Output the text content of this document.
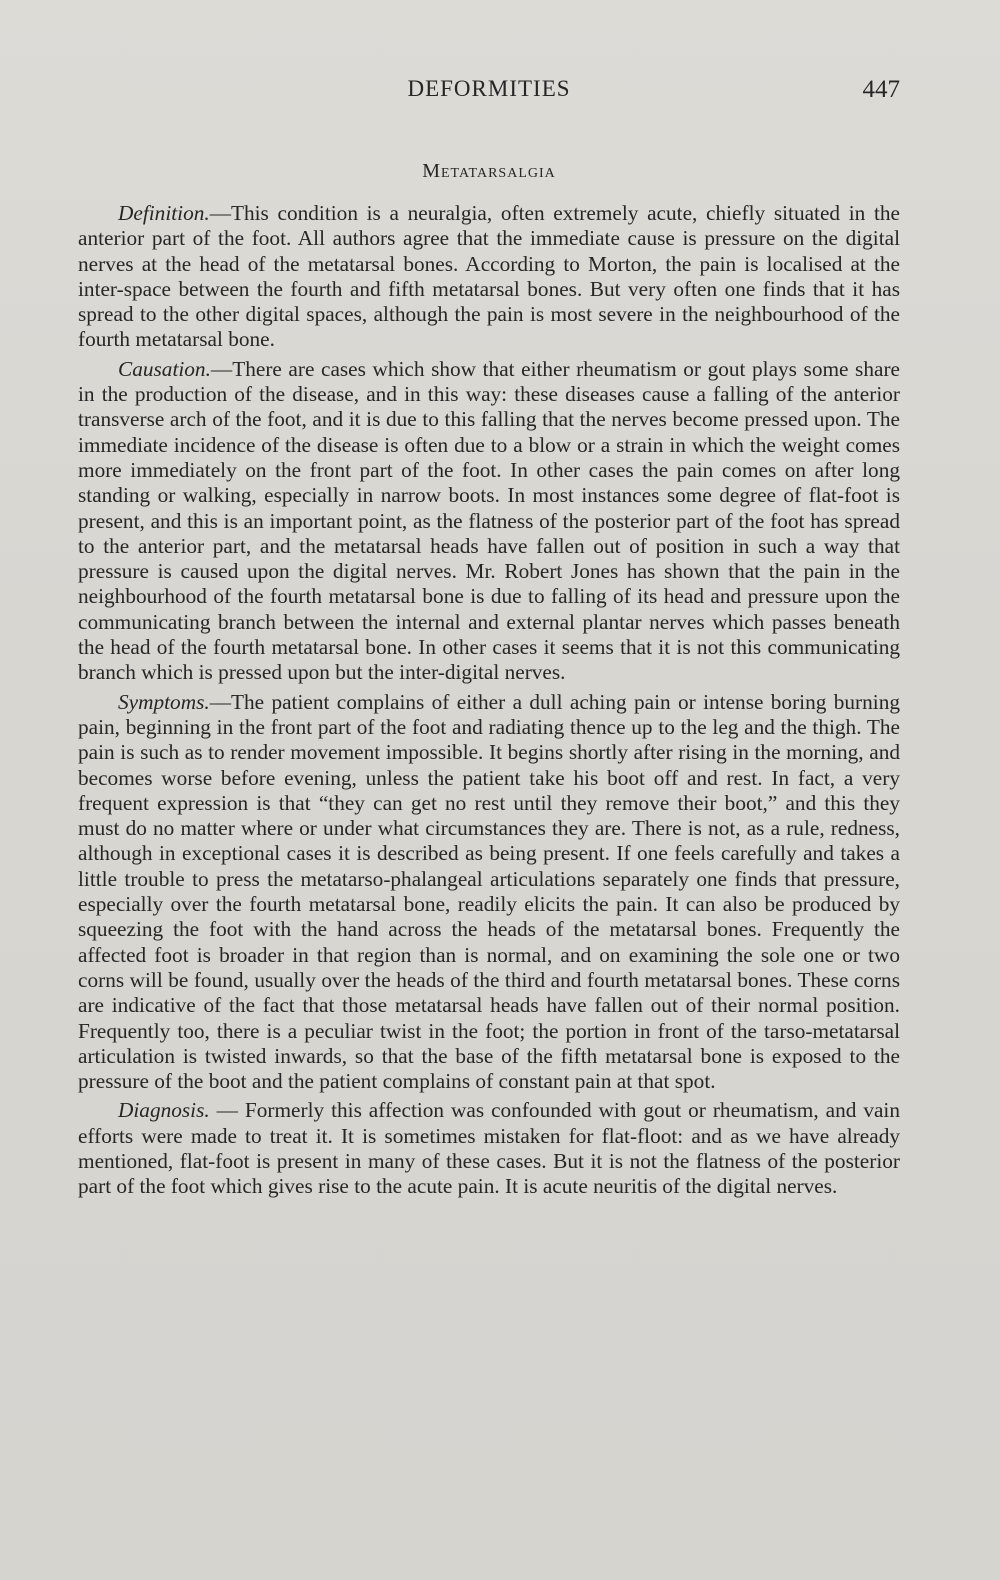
DEFORMITIES	447
Metatarsalgia

Definition.—This condition is a neuralgia, often extremely acute, chiefly situated in the anterior part of the foot. All authors agree that the immediate cause is pressure on the digital nerves at the head of the metatarsal bones. According to Morton, the pain is localised at the inter-space between the fourth and fifth metatarsal bones. But very often one finds that it has spread to the other digital spaces, although the pain is most severe in the neighbourhood of the fourth metatarsal bone.

Causation.—There are cases which show that either rheumatism or gout plays some share in the production of the disease, and in this way: these diseases cause a falling of the anterior transverse arch of the foot, and it is due to this falling that the nerves become pressed upon. The immediate incidence of the disease is often due to a blow or a strain in which the weight comes more immediately on the front part of the foot. In other cases the pain comes on after long standing or walking, especially in narrow boots. In most instances some degree of flat-foot is present, and this is an important point, as the flatness of the posterior part of the foot has spread to the anterior part, and the metatarsal heads have fallen out of position in such a way that pressure is caused upon the digital nerves. Mr. Robert Jones has shown that the pain in the neighbourhood of the fourth metatarsal bone is due to falling of its head and pressure upon the communicating branch between the internal and external plantar nerves which passes beneath the head of the fourth metatarsal bone. In other cases it seems that it is not this communicating branch which is pressed upon but the inter-digital nerves.

Symptoms.—The patient complains of either a dull aching pain or intense boring burning pain, beginning in the front part of the foot and radiating thence up to the leg and the thigh. The pain is such as to render movement impossible. It begins shortly after rising in the morning, and becomes worse before evening, unless the patient take his boot off and rest. In fact, a very frequent expression is that “they can get no rest until they remove their boot,” and this they must do no matter where or under what circumstances they are. There is not, as a rule, redness, although in exceptional cases it is described as being present. If one feels carefully and takes a little trouble to press the metatarso-phalangeal articulations separately one finds that pressure, especially over the fourth metatarsal bone, readily elicits the pain. It can also be produced by squeezing the foot with the hand across the heads of the metatarsal bones. Frequently the affected foot is broader in that region than is normal, and on examining the sole one or two corns will be found, usually over the heads of the third and fourth metatarsal bones. These corns are indicative of the fact that those metatarsal heads have fallen out of their normal position. Frequently too, there is a peculiar twist in the foot; the portion in front of the tarso-metatarsal articulation is twisted inwards, so that the base of the fifth metatarsal bone is exposed to the pressure of the boot and the patient complains of constant pain at that spot.

Diagnosis. — Formerly this affection was confounded with gout or rheumatism, and vain efforts were made to treat it. It is sometimes mistaken for flat-floot: and as we have already mentioned, flat-foot is present in many of these cases. But it is not the flatness of the posterior part of the foot which gives rise to the acute pain. It is acute neuritis of the digital nerves.
